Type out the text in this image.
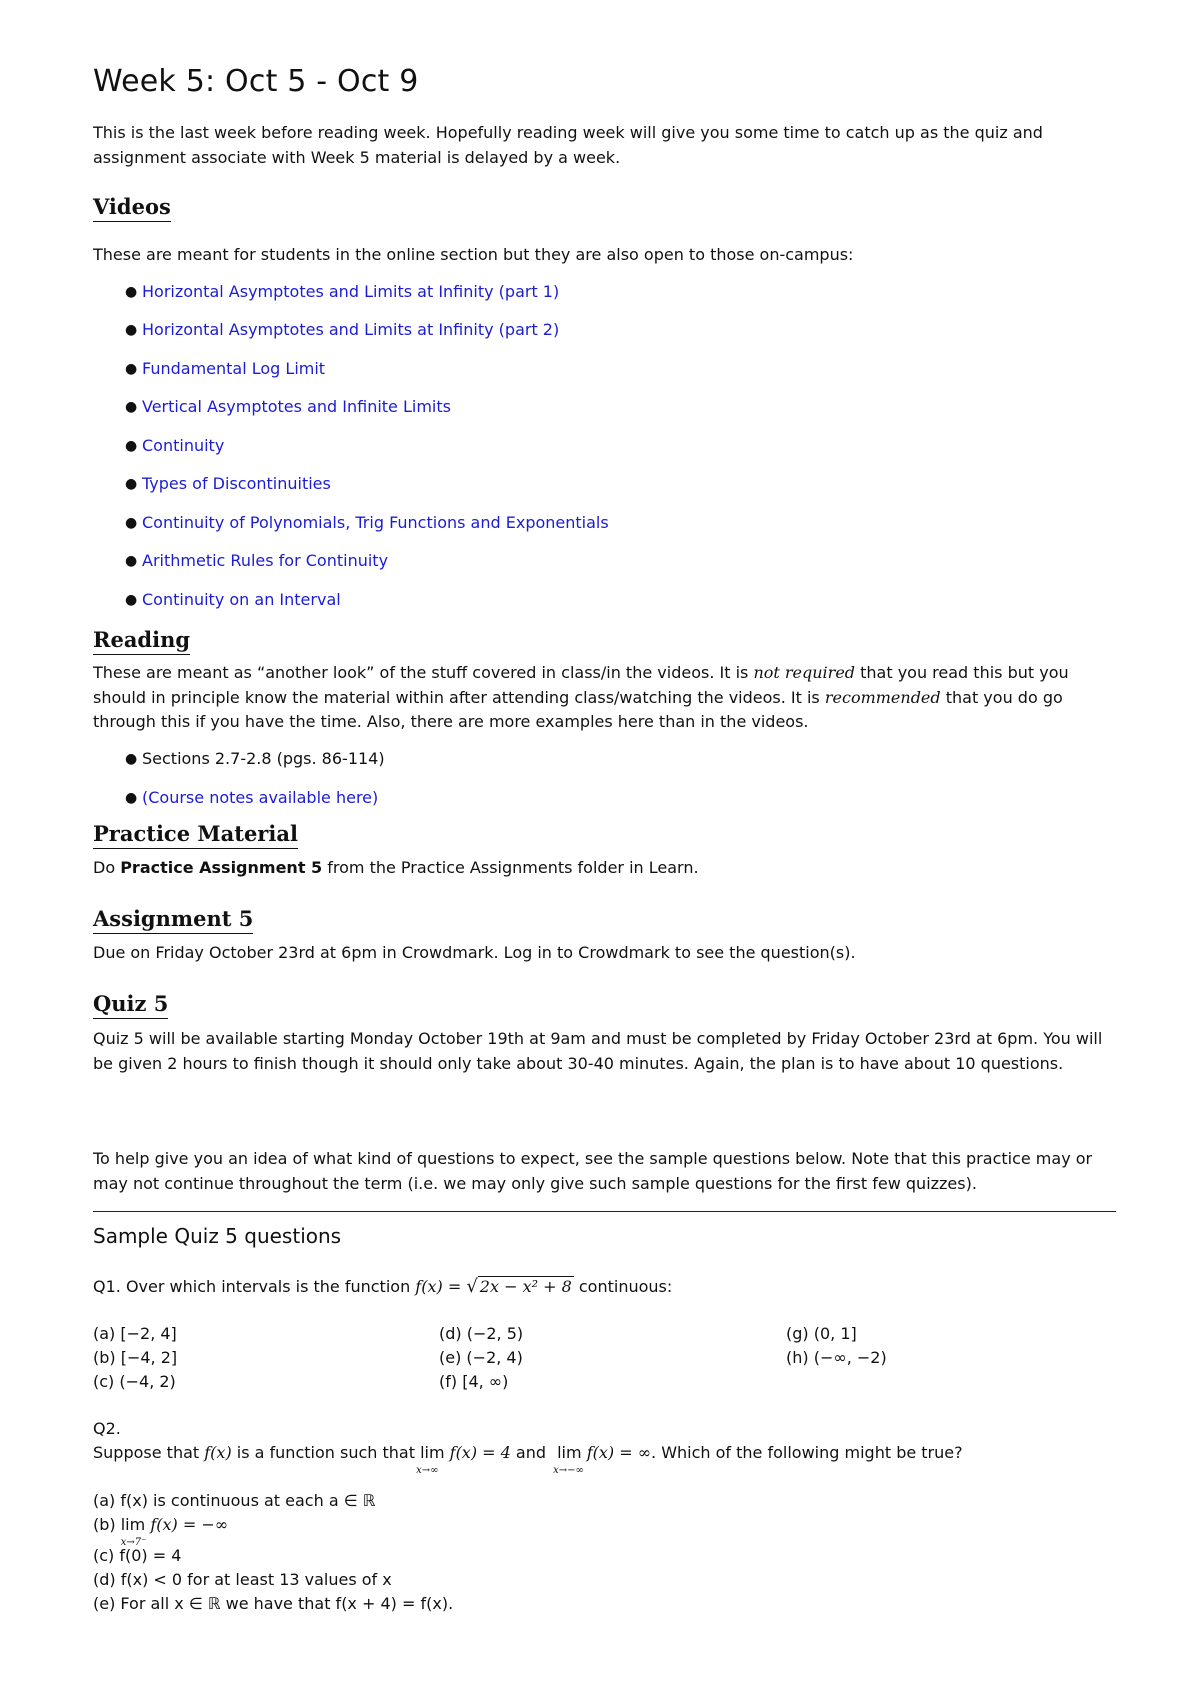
Week 5: Oct 5 - Oct 9
This is the last week before reading week. Hopefully reading week will give you some time to catch up as the quiz and assignment associate with Week 5 material is delayed by a week.
Videos
These are meant for students in the online section but they are also open to those on-campus:
● Horizontal Asymptotes and Limits at Infinity (part 1)
● Horizontal Asymptotes and Limits at Infinity (part 2)
● Fundamental Log Limit
● Vertical Asymptotes and Infinite Limits
● Continuity
● Types of Discontinuities
● Continuity of Polynomials, Trig Functions and Exponentials
● Arithmetic Rules for Continuity
● Continuity on an Interval
Reading
These are meant as “another look” of the stuff covered in class/in the videos. It is not required that you read this but you should in principle know the material within after attending class/watching the videos. It is recommended that you do go through this if you have the time. Also, there are more examples here than in the videos.
● Sections 2.7-2.8 (pgs. 86-114)
● (Course notes available here)
Practice Material
Do Practice Assignment 5 from the Practice Assignments folder in Learn.
Assignment 5
Due on Friday October 23rd at 6pm in Crowdmark. Log in to Crowdmark to see the question(s).
Quiz 5
Quiz 5 will be available starting Monday October 19th at 9am and must be completed by Friday October 23rd at 6pm. You will be given 2 hours to finish though it should only take about 30-40 minutes. Again, the plan is to have about 10 questions.
To help give you an idea of what kind of questions to expect, see the sample questions below. Note that this practice may or may not continue throughout the term (i.e. we may only give such sample questions for the first few quizzes).
Sample Quiz 5 questions
Q1. Over which intervals is the function f(x) = √ 2x − x² + 8 continuous:
(a) [−2, 4]
(b) [−4, 2]
(c) (−4, 2)
(d) (−2, 5)
(e) (−2, 4)
(f) [4, ∞)
(g) (0, 1]
(h) (−∞, −2)
Q2.
Suppose that f(x) is a function such that lim
x→∞
f(x) = 4 and lim
x→−∞
f(x) = ∞. Which of the following might be true?
(a) f(x) is continuous at each a ∈ ℝ
(b) lim
x→7⁻
f(x) = −∞
(c) f(0) = 4
(d) f(x) < 0 for at least 13 values of x
(e) For all x ∈ ℝ we have that f(x + 4) = f(x).
